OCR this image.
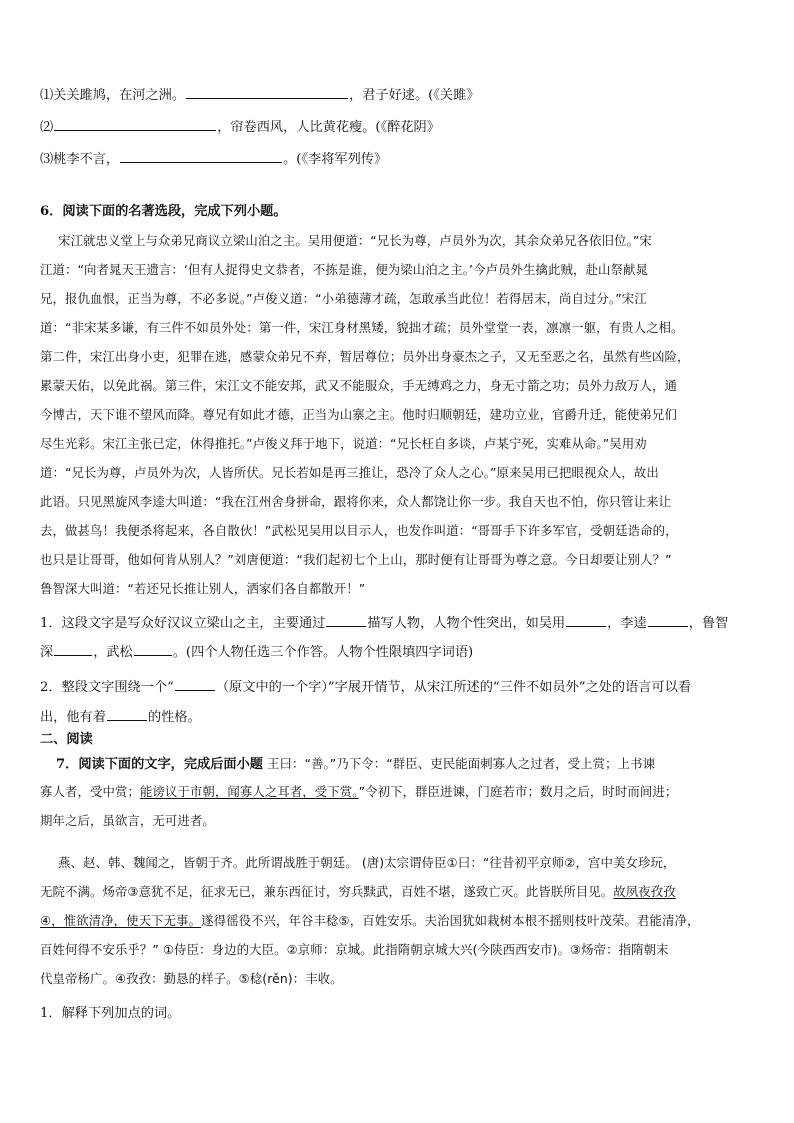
⑴关关雎鸠，在河之洲。	，君子好逑。(《关雎》
⑵	，帘卷西风，人比黄花瘦。(《醉花阴》
⑶桃李不言，	。(《李将军列传》
6．阅读下面的名著选段，完成下列小题。
宋江就忠义堂上与众弟兄商议立梁山泊之主。吴用便道：“兄长为尊，卢员外为次，其余众弟兄各依旧位。”宋
江道：“向者晁天王遗言：‘但有人捉得史文恭者，不拣是谁，便为梁山泊之主。’今卢员外生擒此贼，赴山祭献晁
兄，报仇血恨，正当为尊，不必多说。”卢俊义道：“小弟德薄才疏，怎敢承当此位！若得居末，尚自过分。”宋江
道：“非宋某多谦，有三件不如员外处：第一件，宋江身材黑矮，貌拙才疏；员外堂堂一表，凛凛一躯，有贵人之相。
第二件，宋江出身小吏，犯罪在逃，感蒙众弟兄不弃，暂居尊位；员外出身豪杰之子，又无至恶之名，虽然有些凶险，
累蒙天佑，以免此祸。第三件，宋江文不能安邦，武又不能服众，手无缚鸡之力，身无寸箭之功；员外力敌万人，通
今博古，天下谁不望风而降。尊兄有如此才德，正当为山寨之主。他时归顺朝廷，建功立业，官爵升迁，能使弟兄们
尽生光彩。宋江主张已定，休得推托。”卢俊义拜于地下，说道：“兄长枉自多谈，卢某宁死，实难从命。”吴用劝
道：“兄长为尊，卢员外为次，人皆所伏。兄长若如是再三推让，恐冷了众人之心。”原来吴用已把眼视众人，故出
此语。只见黑旋风李逵大叫道：“我在江州舍身拼命，跟将你来，众人都饶让你一步。我自天也不怕，你只管让来让
去，做甚鸟！我便杀将起来，各自散伙！”武松见吴用以目示人，也发作叫道：“哥哥手下许多军官，受朝廷诰命的，
也只是让哥哥，他如何肯从别人？”刘唐便道：“我们起初七个上山，那时便有让哥哥为尊之意。今日却要让别人？”
鲁智深大叫道：“若还兄长推让别人，洒家们各自都散开！”
1．这段文字是写众好汉议立梁山之主，主要通过	描写人物，人物个性突出，如吴用	，李逵	，鲁智
深	，武松	。(四个人物任选三个作答。人物个性限填四字词语)
2．整段文字围绕一个“	（原文中的一个字）”字展开情节，从宋江所述的“三件不如员外”之处的语言可以看
出，他有着	的性格。
二、阅读
7．阅读下面的文字，完成后面小题 王曰：“善。”乃下令：“群臣、吏民能面刺寡人之过者，受上赏；上书谏
寡人者，受中赏；能谤议于市朝，闻寡人之耳者，受下赏。”令初下，群臣进谏，门庭若市；数月之后，时时而间进；
期年之后，虽欲言，无可进者。
燕、赵、韩、魏闻之，皆朝于齐。此所谓战胜于朝廷。 (唐)太宗谓侍臣①曰：“往昔初平京师②，宫中美女珍玩，
无院不满。炀帝③意犹不足，征求无已，兼东西征讨，穷兵黩武，百姓不堪，遂致亡灭。此皆朕所目见。故夙夜孜孜
④，惟欲清净，使天下无事。遂得徭役不兴，年谷丰稔⑤，百姓安乐。夫治国犹如栽树本根不摇则枝叶茂荣。君能清净，
百姓何得不安乐乎？” ①侍臣：身边的大臣。②京师：京城。此指隋朝京城大兴(今陕西西安市)。③炀帝：指隋朝末
代皇帝杨广。④孜孜：勤恳的样子。⑤稔(rěn)：丰收。
1．解释下列加点的词。
